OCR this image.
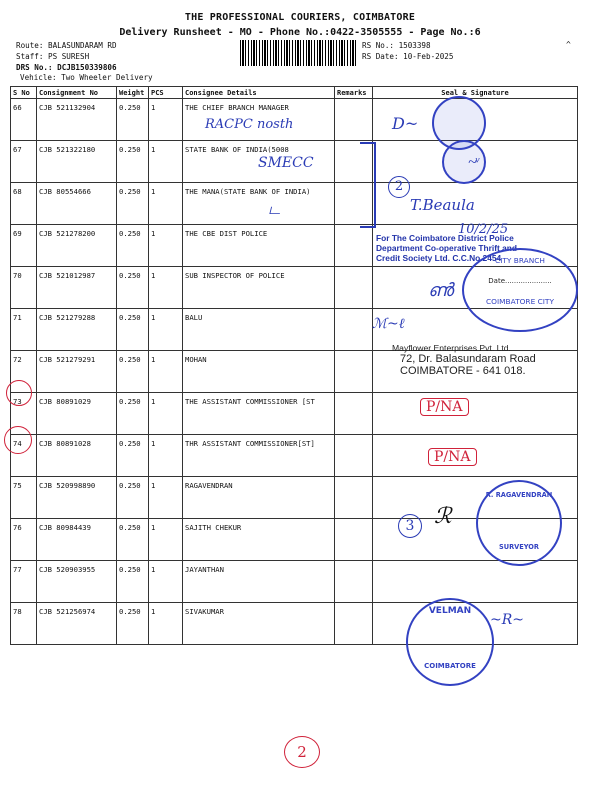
THE PROFESSIONAL COURIERS, COIMBATORE
Delivery Runsheet - MO - Phone No.:0422-3505555 - Page No.:6
Route: BALASUNDARAM RD
Staff: PS SURESH
DRS No.: DCJB150339806
Vehicle: Two Wheeler Delivery
RS No.: 1503398
RS Date: 10-Feb-2025
^
S No	Consignment No	Weight	PCS	Consignee Details	Remarks	Seal & Signature
66	CJB 521132904	0.250	1	THE CHIEF BRANCH MANAGER		
67	CJB 521322180	0.250	1	STATE BANK OF INDIA(5008		
68	CJB 80554666	0.250	1	THE MANA(STATE BANK OF INDIA)		
69	CJB 521278200	0.250	1	THE CBE DIST POLICE		
70	CJB 521012987	0.250	1	SUB INSPECTOR OF POLICE		
71	CJB 521279288	0.250	1	BALU		
72	CJB 521279291	0.250	1	MOHAN		
73	CJB 80891029	0.250	1	THE ASSISTANT COMMISSIONER [ST		
74	CJB 80891028	0.250	1	THR ASSISTANT COMMISSIONER[ST]		
75	CJB 520998890	0.250	1	RAGAVENDRAN		
76	CJB 80984439	0.250	1	SAJITH CHEKUR		
77	CJB 520903955	0.250	1	JAYANTHAN		
78	CJB 521256974	0.250	1	SIVAKUMAR		
RACPC nosth
SMECC
ட
D~
~ͮ
2
T.Beaula
10/2/25
For The Coimbatore District Police
Department Co-operative Thrift and
Credit Society Ltd. C.C.No.2454
CITY BRANCH
Date.....................
COIMBATORE CITY
ൺ
ℳ~ℓ
Mayflower Enterprises Pvt. Ltd.
72, Dr. Balasundaram Road
COIMBATORE - 641 018.
P/NA
P/NA
3 ℛ
R. RAGAVENDRAN
SURVEYOR
VELMAN
COIMBATORE
~R~
2
